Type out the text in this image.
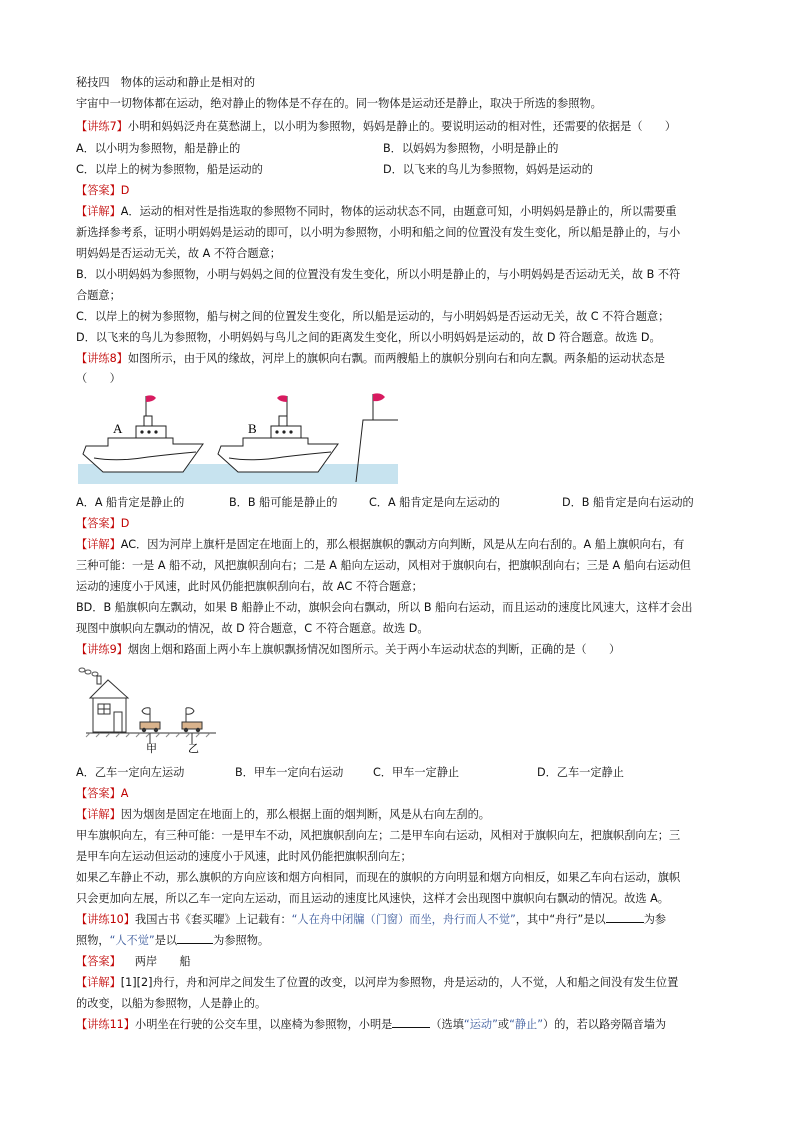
秘技四　物体的运动和静止是相对的
宇宙中一切物体都在运动，绝对静止的物体是不存在的。同一物体是运动还是静止，取决于所选的参照物。
【讲练7】小明和妈妈泛舟在莫愁湖上，以小明为参照物，妈妈是静止的。要说明运动的相对性，还需要的依据是（　　）
A．以小明为参照物，船是静止的	B．以妈妈为参照物，小明是静止的
C．以岸上的树为参照物，船是运动的	D．以飞来的鸟儿为参照物，妈妈是运动的
【答案】D
【详解】A．运动的相对性是指选取的参照物不同时，物体的运动状态不同，由题意可知，小明妈妈是静止的，所以需要重
新选择参考系，证明小明妈妈是运动的即可，以小明为参照物，小明和船之间的位置没有发生变化，所以船是静止的，与小
明妈妈是否运动无关，故 A 不符合题意；
B．以小明妈妈为参照物，小明与妈妈之间的位置没有发生变化，所以小明是静止的，与小明妈妈是否运动无关，故 B 不符
合题意；
C．以岸上的树为参照物，船与树之间的位置发生变化，所以船是运动的，与小明妈妈是否运动无关，故 C 不符合题意；
D．以飞来的鸟儿为参照物，小明妈妈与鸟儿之间的距离发生变化，所以小明妈妈是运动的，故 D 符合题意。故选 D。
【讲练8】如图所示，由于风的缘故，河岸上的旗帜向右飘。而两艘船上的旗帜分别向右和向左飘。两条船的运动状态是
（　　）
A	B
A．A 船肯定是静止的	B．B 船可能是静止的	C．A 船肯定是向左运动的	D．B 船肯定是向右运动的
【答案】D
【详解】AC．因为河岸上旗杆是固定在地面上的，那么根据旗帜的飘动方向判断，风是从左向右刮的。A 船上旗帜向右，有
三种可能：一是 A 船不动，风把旗帜刮向右；二是 A 船向左运动，风相对于旗帜向右，把旗帜刮向右；三是 A 船向右运动但
运动的速度小于风速，此时风仍能把旗帜刮向右，故 AC 不符合题意；
BD．B 船旗帜向左飘动，如果 B 船静止不动，旗帜会向右飘动，所以 B 船向右运动，而且运动的速度比风速大，这样才会出
现图中旗帜向左飘动的情况，故 D 符合题意，C 不符合题意。故选 D。
【讲练9】烟囱上烟和路面上两小车上旗帜飘扬情况如图所示。关于两小车运动状态的判断，正确的是（　　）
甲	乙
A．乙车一定向左运动	B．甲车一定向右运动	C．甲车一定静止	D．乙车一定静止
【答案】A
【详解】因为烟囱是固定在地面上的，那么根据上面的烟判断，风是从右向左刮的。
甲车旗帜向左，有三种可能：一是甲车不动，风把旗帜刮向左；二是甲车向右运动，风相对于旗帜向左，把旗帜刮向左；三
是甲车向左运动但运动的速度小于风速，此时风仍能把旗帜刮向左；
如果乙车静止不动，那么旗帜的方向应该和烟方向相同，而现在的旗帜的方向明显和烟方向相反，如果乙车向右运动，旗帜
只会更加向左展，所以乙车一定向左运动，而且运动的速度比风速快，这样才会出现图中旗帜向右飘动的情况。故选 A。
【讲练10】我国古书《套买曜》上记载有：“人在舟中闭牖（门窗）而坐，舟行而人不觉”，其中“舟行”是以	为参
照物，“人不觉”是以	为参照物。
【答案】 两岸　　船
【详解】[1][2]舟行，舟和河岸之间发生了位置的改变，以河岸为参照物，舟是运动的，人不觉，人和船之间没有发生位置
的改变，以船为参照物，人是静止的。
【讲练11】小明坐在行驶的公交车里，以座椅为参照物，小明是	（选填“运动”或“静止”）的，若以路旁隔音墙为
